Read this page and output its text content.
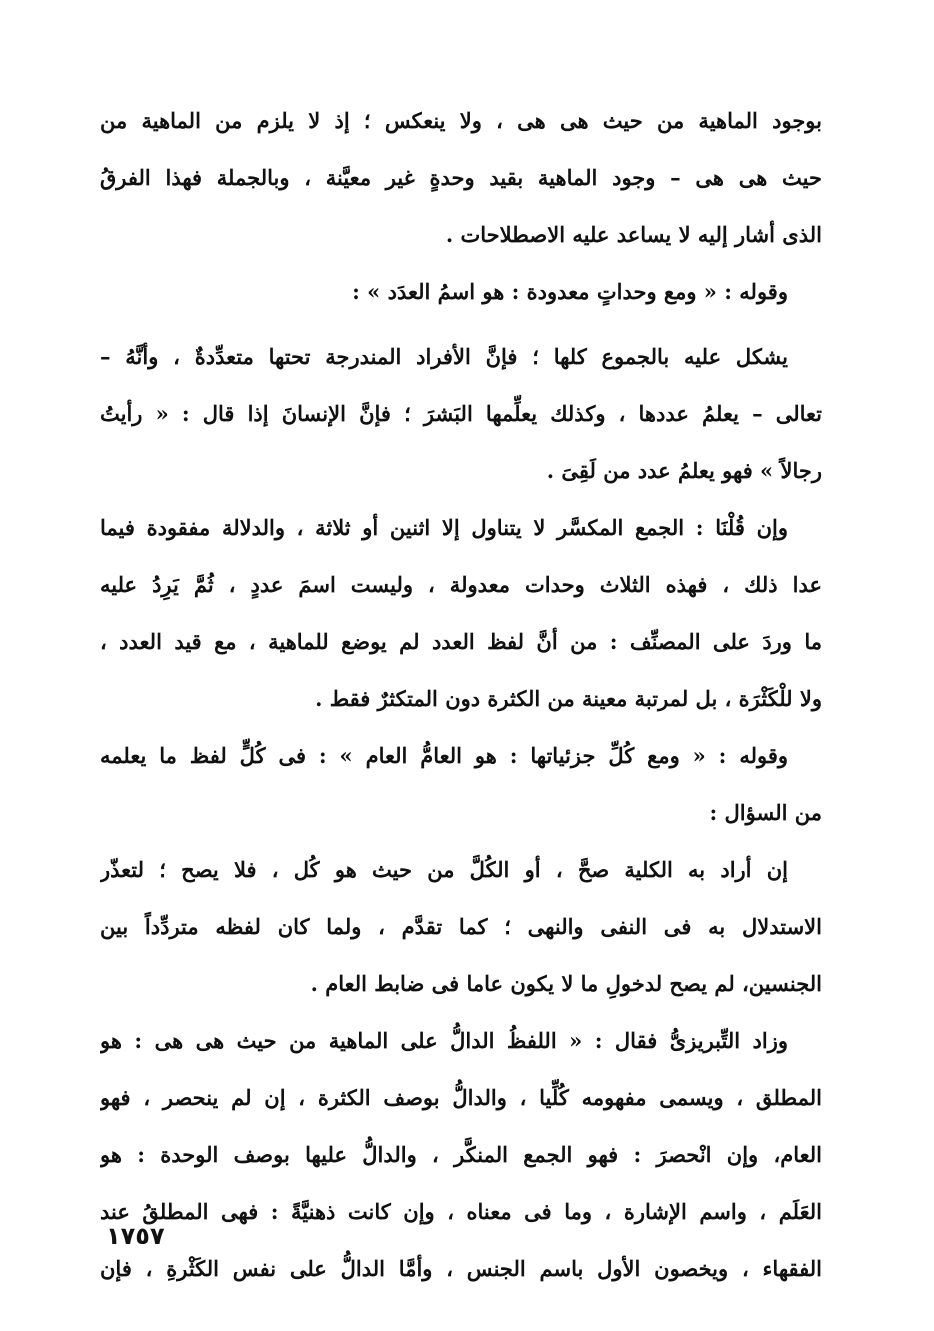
بوجود الماهية من حيث هى هى ، ولا ينعكس ؛ إذ لا يلزم من الماهية من
حيث هى هى – وجود الماهية بقيد وحدةٍ غير معيَّنة ، وبالجملة فهذا الفرقُ
الذى أشار إليه لا يساعد عليه الاصطلاحات .
وقوله : « ومع وحداتٍ معدودة : هو اسمُ العدَد » :
يشكل عليه بالجموع كلها ؛ فإنَّ الأفراد المندرجة تحتها متعدِّدةٌ ، وأنَّهُ –
تعالى – يعلمُ عددها ، وكذلك يعلِّمها البَشرَ ؛ فإنَّ الإنسانَ إذا قال : « رأيتُ
رجالاً » فهو يعلمُ عدد من لَقِىَ .
وإن قُلْنَا : الجمع المكسَّر لا يتناول إلا اثنين أو ثلاثة ، والدلالة مفقودة فيما
عدا ذلك ، فهذه الثلاث وحدات معدولة ، وليست اسمَ عددٍ ، ثُمَّ يَرِدُ عليه
ما وردَ على المصنِّف : من أنَّ لفظ العدد لم يوضع للماهية ، مع قيد العدد ،
ولا للْكَثْرَة ، بل لمرتبة معينة من الكثرة دون المتكثرٌ فقط .
وقوله : « ومع كُلِّ جزئياتها : هو العامُّ العام » : فى كُلٍّ لفظ ما يعلمه
من السؤال :
إن أراد به الكلية صحَّ ، أو الكُلَّ من حيث هو كُل ، فلا يصح ؛ لتعذّر
الاستدلال به فى النفى والنهى ؛ كما تقدَّم ، ولما كان لفظه متردِّداً بين
الجنسين، لم يصح لدخولِ ما لا يكون عاما فى ضابط العام .
وزاد التِّبريزىُّ فقال : « اللفظُ الدالُّ على الماهية من حيث هى هى : هو
المطلق ، ويسمى مفهومه كُلِّيا ، والدالُّ بوصف الكثرة ، إن لم ينحصر ، فهو
العام، وإن انْحصرَ : فهو الجمع المنكَّر ، والدالُّ عليها بوصف الوحدة : هو
العَلَم ، واسم الإشارة ، وما فى معناه ، وإن كانت ذهنيَّةً : فهى المطلقُ عند
الفقهاء ، ويخصون الأول باسم الجنس ، وأمَّا الدالُّ على نفس الكَثْرةِ ، فإن
١٧٥٧
